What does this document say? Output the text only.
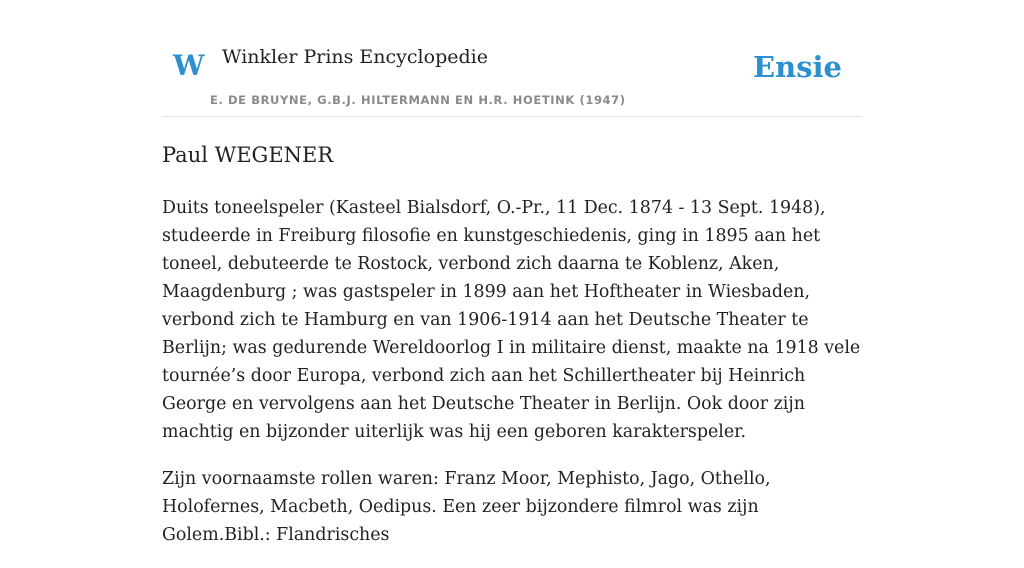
W Winkler Prins Encyclopedie
E. DE BRUYNE, G.B.J. HILTERMANN EN H.R. HOETINK (1947)
Ensie
Paul WEGENER

Duits toneelspeler (Kasteel Bialsdorf, O.-Pr., 11 Dec. 1874 - 13 Sept. 1948), studeerde in Freiburg filosofie en kunstgeschiedenis, ging in 1895 aan het toneel, debuteerde te Rostock, verbond zich daarna te Koblenz, Aken, Maagdenburg ; was gastspeler in 1899 aan het Hoftheater in Wiesbaden, verbond zich te Hamburg en van 1906-1914 aan het Deutsche Theater te Berlijn; was gedurende Wereldoorlog I in militaire dienst, maakte na 1918 vele tournée’s door Europa, verbond zich aan het Schillertheater bij Heinrich George en vervolgens aan het Deutsche Theater in Berlijn. Ook door zijn machtig en bijzonder uiterlijk was hij een geboren karakterspeler.

Zijn voornaamste rollen waren: Franz Moor, Mephisto, Jago, Othello, Holofernes, Macbeth, Oedipus. Een zeer bijzondere filmrol was zijn Golem.Bibl.: Flandrisches
